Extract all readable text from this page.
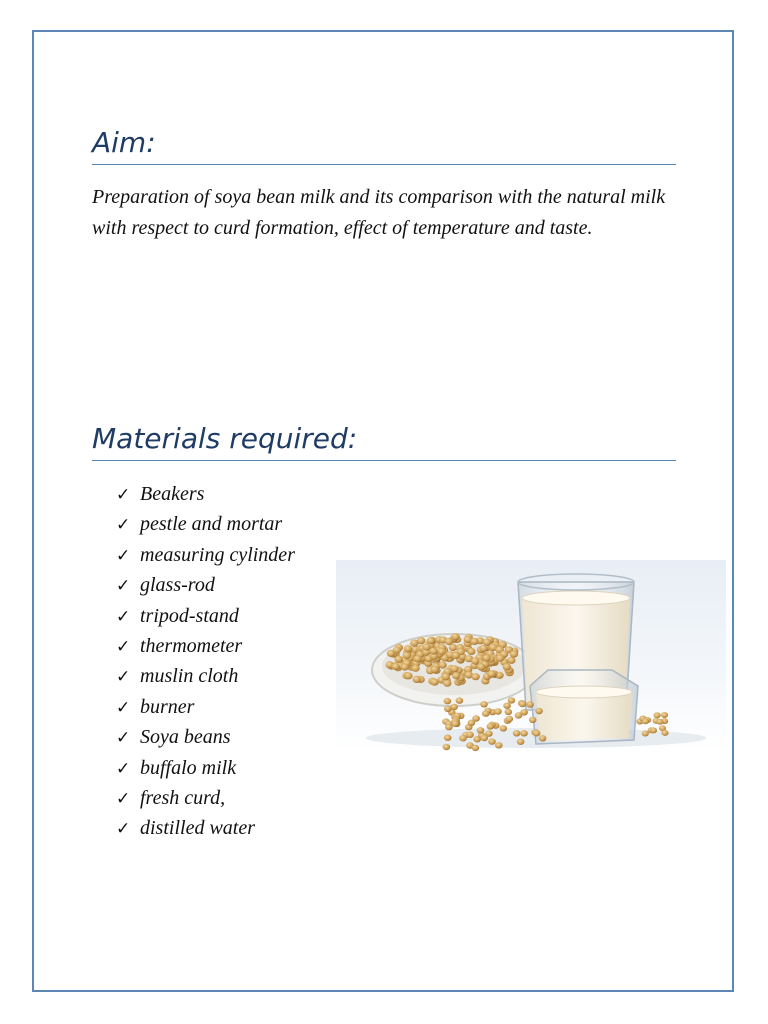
Aim:
Preparation of soya bean milk and its comparison with the natural milk with respect to curd formation, effect of temperature and taste.
Materials required:
✓ Beakers
✓ pestle and mortar
✓ measuring cylinder
✓ glass-rod
✓ tripod-stand
✓ thermometer
✓ muslin cloth
✓ burner
✓ Soya beans
✓ buffalo milk
✓ fresh curd,
✓ distilled water
